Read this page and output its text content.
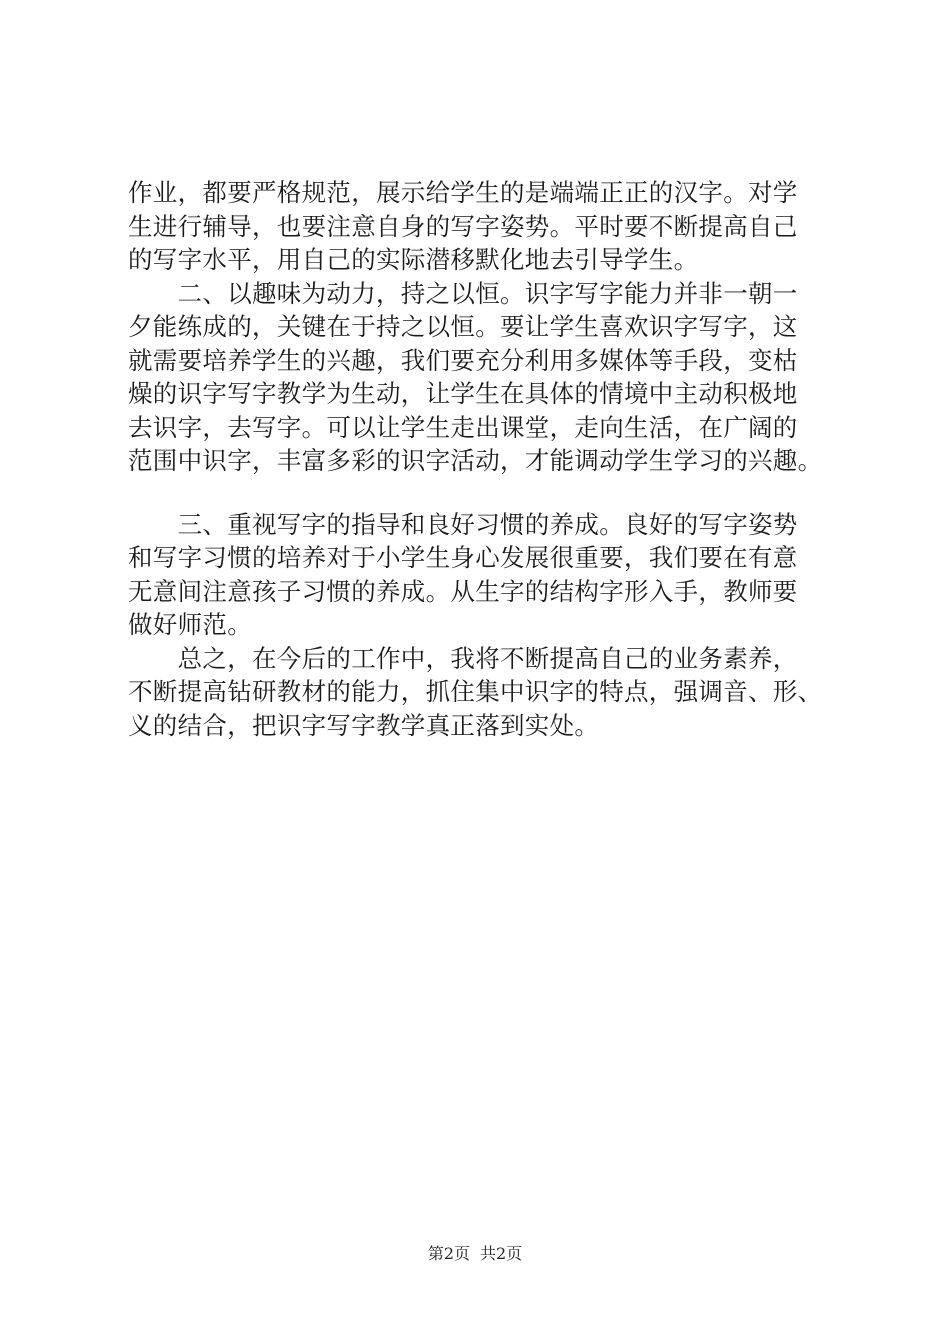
作业，都要严格规范，展示给学生的是端端正正的汉字。对学
生进行辅导，也要注意自身的写字姿势。平时要不断提高自己
的写字水平，用自己的实际潜移默化地去引导学生。
　　二、以趣味为动力，持之以恒。识字写字能力并非一朝一
夕能练成的，关键在于持之以恒。要让学生喜欢识字写字，这
就需要培养学生的兴趣，我们要充分利用多媒体等手段，变枯
燥的识字写字教学为生动，让学生在具体的情境中主动积极地
去识字，去写字。可以让学生走出课堂，走向生活，在广阔的
范围中识字，丰富多彩的识字活动，才能调动学生学习的兴趣。
　　三、重视写字的指导和良好习惯的养成。良好的写字姿势
和写字习惯的培养对于小学生身心发展很重要，我们要在有意
无意间注意孩子习惯的养成。从生字的结构字形入手，教师要
做好师范。
　　总之，在今后的工作中，我将不断提高自己的业务素养，
不断提高钻研教材的能力，抓住集中识字的特点，强调音、形、
义的结合，把识字写字教学真正落到实处。
第2页 共2页
